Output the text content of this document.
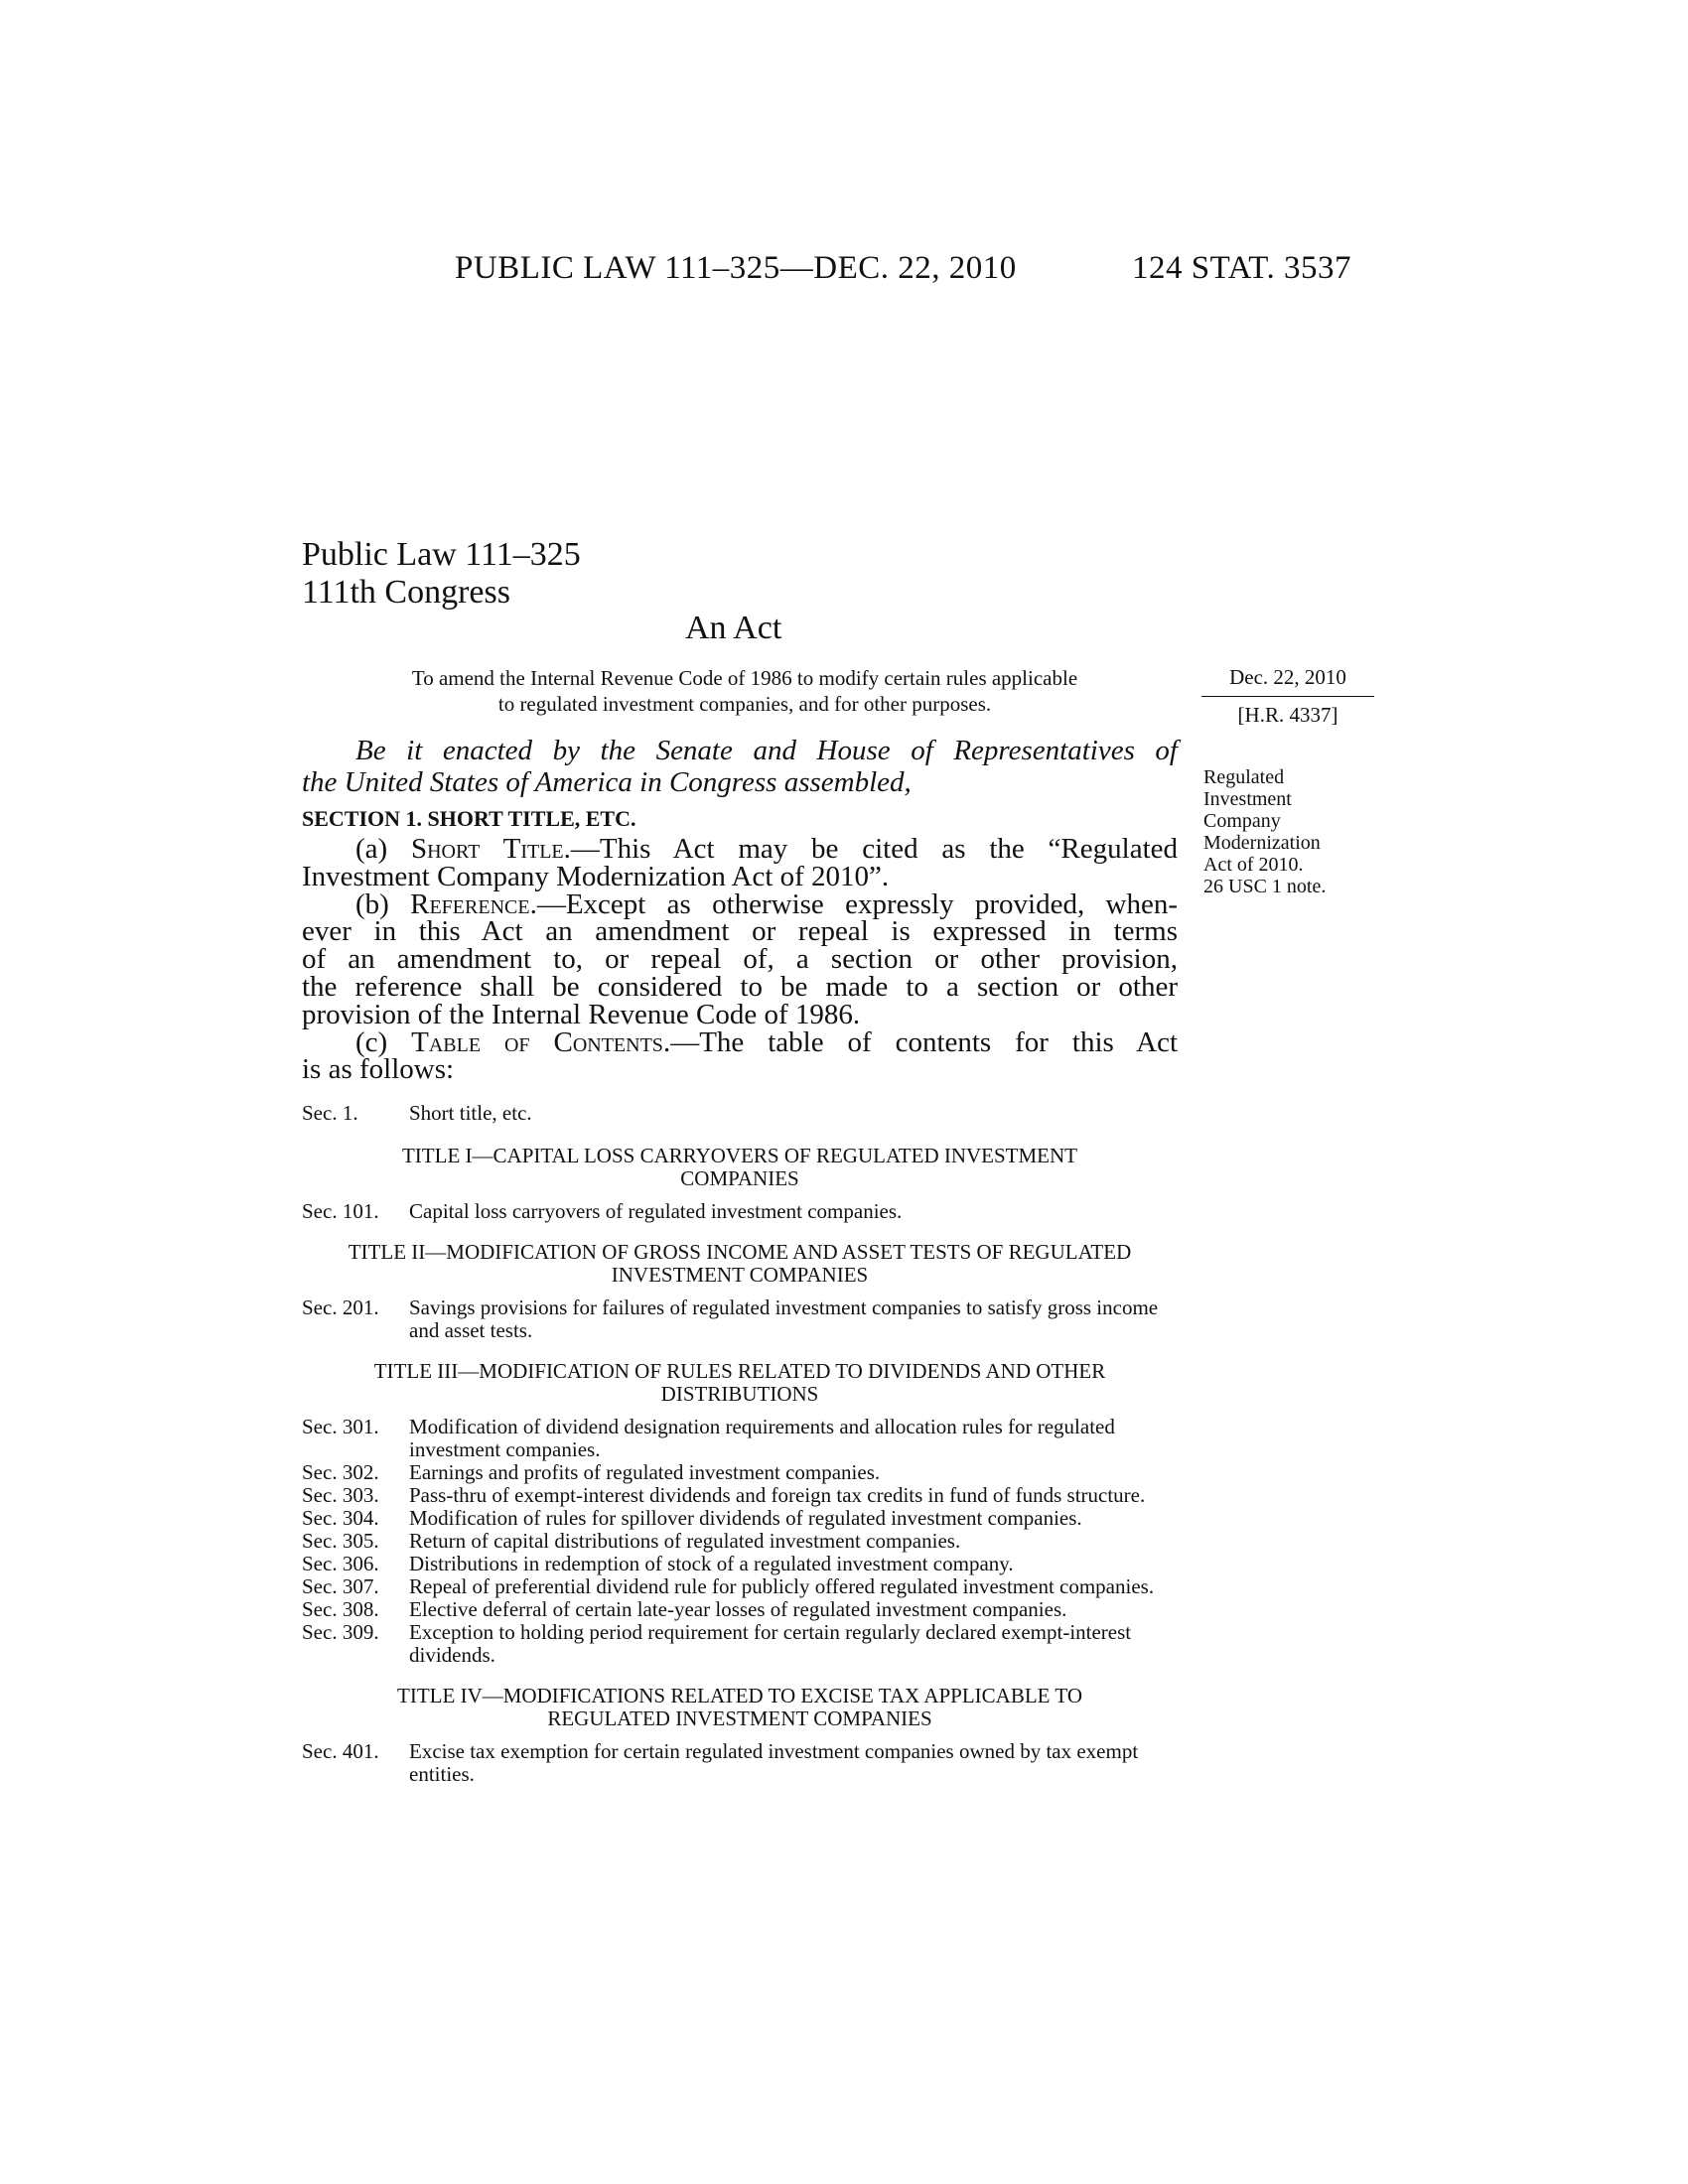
PUBLIC LAW 111–325—DEC. 22, 2010	124 STAT. 3537
Public Law 111–325
111th Congress
An Act
To amend the Internal Revenue Code of 1986 to modify certain rules applicable
to regulated investment companies, and for other purposes.
Dec. 22, 2010
[H.R. 4337]
Regulated
Investment
Company
Modernization
Act of 2010.
26 USC 1 note.
Be it enacted by the Senate and House of Representatives of
the United States of America in Congress assembled,
SECTION 1. SHORT TITLE, ETC.

(a) Short Title.—This Act may be cited as the “Regulated

Investment Company Modernization Act of 2010”.

(b) Reference.—Except as otherwise expressly provided, when-

ever in this Act an amendment or repeal is expressed in terms

of an amendment to, or repeal of, a section or other provision,

the reference shall be considered to be made to a section or other

provision of the Internal Revenue Code of 1986.

(c) Table of Contents.—The table of contents for this Act

is as follows:

Sec. 1.	Short title, etc.
TITLE I—CAPITAL LOSS CARRYOVERS OF REGULATED INVESTMENT COMPANIES
Sec. 101.	Capital loss carryovers of regulated investment companies.
TITLE II—MODIFICATION OF GROSS INCOME AND ASSET TESTS OF REGULATED INVESTMENT COMPANIES
Sec. 201.	Savings provisions for failures of regulated investment companies to satisfy gross income and asset tests.
TITLE III—MODIFICATION OF RULES RELATED TO DIVIDENDS AND OTHER DISTRIBUTIONS
Sec. 301.	Modification of dividend designation requirements and allocation rules for regulated investment companies.
Sec. 302.	Earnings and profits of regulated investment companies.
Sec. 303.	Pass-thru of exempt-interest dividends and foreign tax credits in fund of funds structure.
Sec. 304.	Modification of rules for spillover dividends of regulated investment companies.
Sec. 305.	Return of capital distributions of regulated investment companies.
Sec. 306.	Distributions in redemption of stock of a regulated investment company.
Sec. 307.	Repeal of preferential dividend rule for publicly offered regulated investment companies.
Sec. 308.	Elective deferral of certain late-year losses of regulated investment companies.
Sec. 309.	Exception to holding period requirement for certain regularly declared exempt-interest dividends.
TITLE IV—MODIFICATIONS RELATED TO EXCISE TAX APPLICABLE TO REGULATED INVESTMENT COMPANIES
Sec. 401.	Excise tax exemption for certain regulated investment companies owned by tax exempt entities.
